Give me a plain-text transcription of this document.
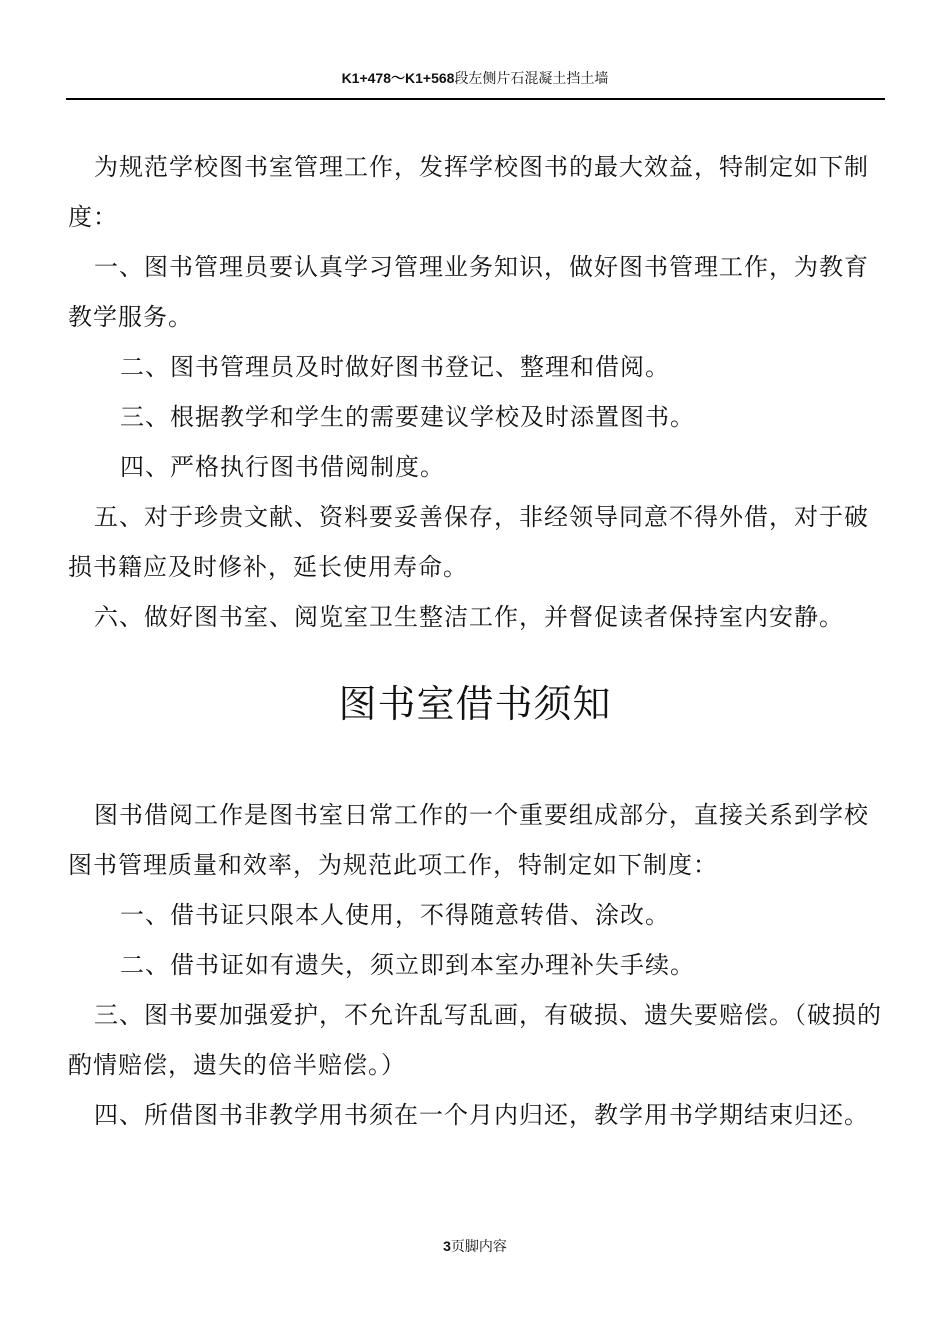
K1+478～K1+568段左侧片石混凝土挡土墙

为规范学校图书室管理工作，发挥学校图书的最大效益，特制定如下制度：

一、图书管理员要认真学习管理业务知识，做好图书管理工作，为教育教学服务。

二、图书管理员及时做好图书登记、整理和借阅。

三、根据教学和学生的需要建议学校及时添置图书。

四、严格执行图书借阅制度。

五、对于珍贵文献、资料要妥善保存，非经领导同意不得外借，对于破损书籍应及时修补，延长使用寿命。

六、做好图书室、阅览室卫生整洁工作，并督促读者保持室内安静。

图书室借书须知

图书借阅工作是图书室日常工作的一个重要组成部分，直接关系到学校图书管理质量和效率，为规范此项工作，特制定如下制度：

一、借书证只限本人使用，不得随意转借、涂改。

二、借书证如有遗失，须立即到本室办理补失手续。

三、图书要加强爱护，不允许乱写乱画，有破损、遗失要赔偿。（破损的酌情赔偿，遗失的倍半赔偿。）

四、所借图书非教学用书须在一个月内归还，教学用书学期结束归还。

3页脚内容
